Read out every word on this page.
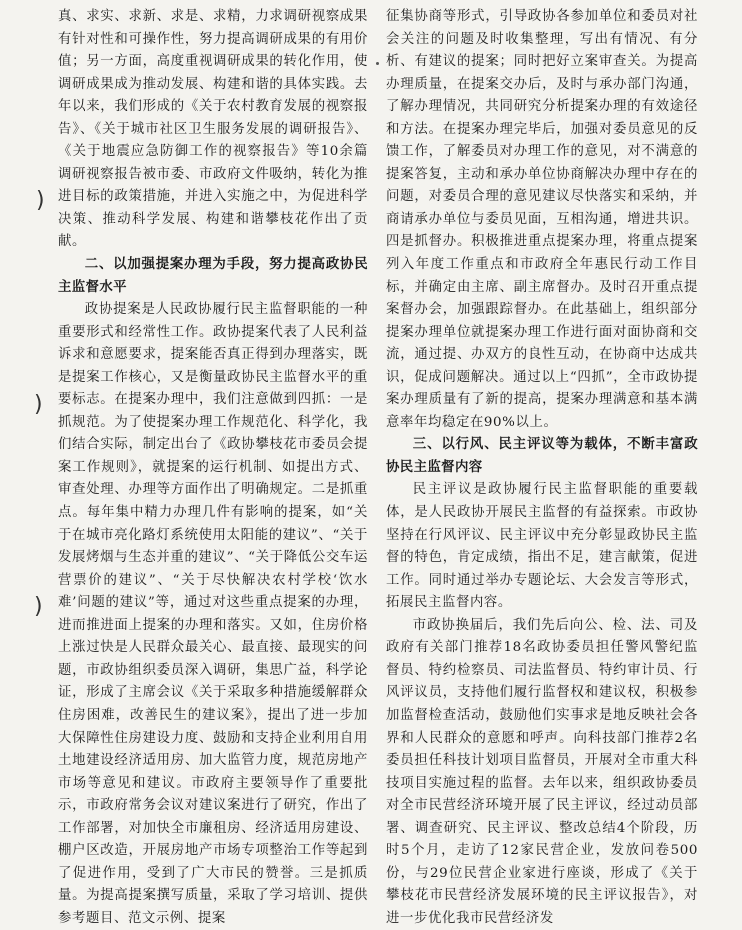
)
)
)

真、求实、求新、求是、求精，力求调研视察成果有针对性和可操作性，努力提高调研成果的有用价值；另一方面，高度重视调研成果的转化作用，使调研成果成为推动发展、构建和谐的具体实践。去年以来，我们形成的《关于农村教育发展的视察报告》、《关于城市社区卫生服务发展的调研报告》、《关于地震应急防御工作的视察报告》等10余篇调研视察报告被市委、市政府文件吸纳，转化为推进目标的政策措施，并进入实施之中，为促进科学决策、推动科学发展、构建和谐攀枝花作出了贡献。

二、以加强提案办理为手段，努力提高政协民主监督水平

政协提案是人民政协履行民主监督职能的一种重要形式和经常性工作。政协提案代表了人民利益诉求和意愿要求，提案能否真正得到办理落实，既是提案工作核心，又是衡量政协民主监督水平的重要标志。在提案办理中，我们注意做到四抓：一是抓规范。为了使提案办理工作规范化、科学化，我们结合实际，制定出台了《政协攀枝花市委员会提案工作规则》，就提案的运行机制、如提出方式、审查处理、办理等方面作出了明确规定。二是抓重点。每年集中精力办理几件有影响的提案，如“关于在城市亮化路灯系统使用太阳能的建议”、“关于发展烤烟与生态并重的建议”、“关于降低公交车运营票价的建议”、“关于尽快解决农村学校‘饮水难’问题的建议”等，通过对这些重点提案的办理，进而推进面上提案的办理和落实。又如，住房价格上涨过快是人民群众最关心、最直接、最现实的问题，市政协组织委员深入调研，集思广益，科学论证，形成了主席会议《关于采取多种措施缓解群众住房困难，改善民生的建议案》，提出了进一步加大保障性住房建设力度、鼓励和支持企业利用自用土地建设经济适用房、加大监管力度，规范房地产市场等意见和建议。市政府主要领导作了重要批示，市政府常务会议对建议案进行了研究，作出了工作部署，对加快全市廉租房、经济适用房建设、棚户区改造，开展房地产市场专项整治工作等起到了促进作用，受到了广大市民的赞誉。三是抓质量。为提高提案撰写质量，采取了学习培训、提供参考题目、范文示例、提案

征集协商等形式，引导政协各参加单位和委员对社会关注的问题及时收集整理，写出有情况、有分析、有建议的提案；同时把好立案审查关。为提高办理质量，在提案交办后，及时与承办部门沟通，了解办理情况，共同研究分析提案办理的有效途径和方法。在提案办理完毕后，加强对委员意见的反馈工作，了解委员对办理工作的意见，对不满意的提案答复，主动和承办单位协商解决办理中存在的问题，对委员合理的意见建议尽快落实和采纳，并商请承办单位与委员见面，互相沟通，增进共识。四是抓督办。积极推进重点提案办理，将重点提案列入年度工作重点和市政府全年惠民行动工作目标，并确定由主席、副主席督办。及时召开重点提案督办会，加强跟踪督办。在此基础上，组织部分提案办理单位就提案办理工作进行面对面协商和交流，通过提、办双方的良性互动，在协商中达成共识，促成问题解决。通过以上“四抓”，全市政协提案办理质量有了新的提高，提案办理满意和基本满意率年均稳定在90%以上。

三、以行风、民主评议等为载体，不断丰富政协民主监督内容

民主评议是政协履行民主监督职能的重要载体，是人民政协开展民主监督的有益探索。市政协坚持在行风评议、民主评议中充分彰显政协民主监督的特色，肯定成绩，指出不足，建言献策，促进工作。同时通过举办专题论坛、大会发言等形式，拓展民主监督内容。

市政协换届后，我们先后向公、检、法、司及政府有关部门推荐18名政协委员担任警风警纪监督员、特约检察员、司法监督员、特约审计员、行风评议员，支持他们履行监督权和建议权，积极参加监督检查活动，鼓励他们实事求是地反映社会各界和人民群众的意愿和呼声。向科技部门推荐2名委员担任科技计划项目监督员，开展对全市重大科技项目实施过程的监督。去年以来，组织政协委员对全市民营经济环境开展了民主评议，经过动员部署、调查研究、民主评议、整改总结4个阶段，历时5个月，走访了12家民营企业，发放问卷500份，与29位民营企业家进行座谈，形成了《关于攀枝花市民营经济发展环境的民主评议报告》，对进一步优化我市民营经济发
